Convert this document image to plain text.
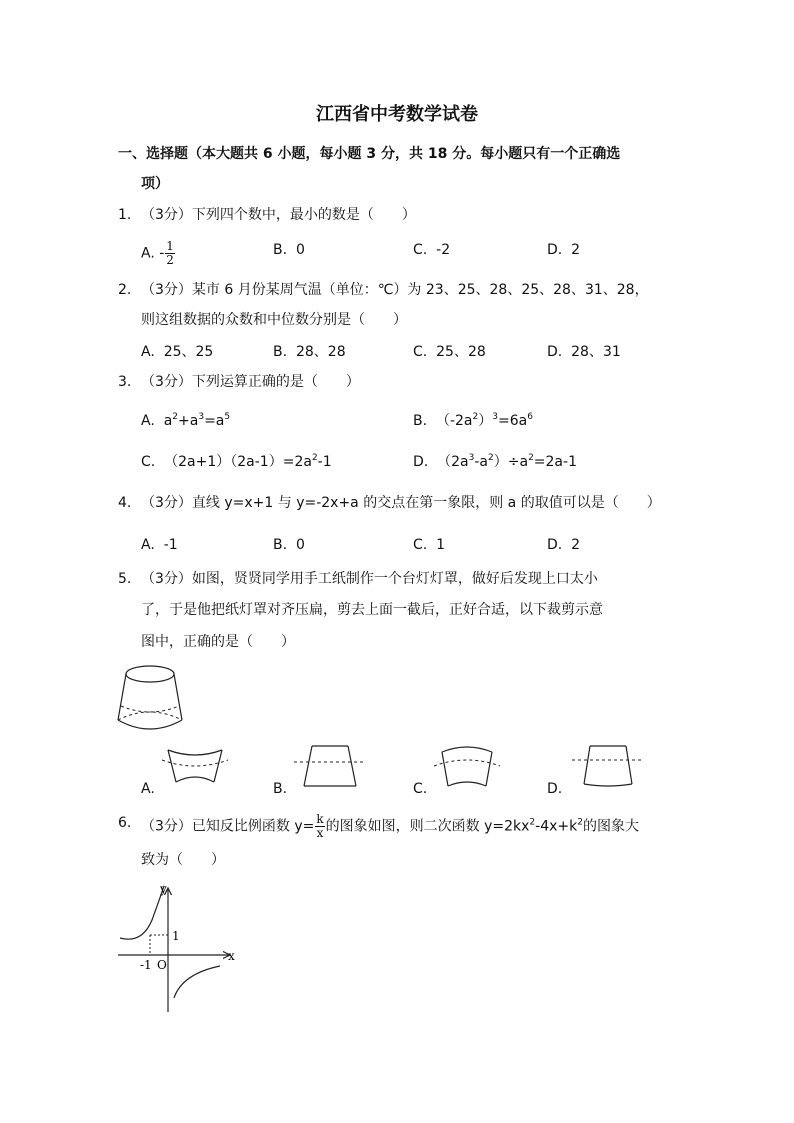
江西省中考数学试卷
一、选择题（本大题共 6 小题，每小题 3 分，共 18 分。每小题只有一个正确选
项）
1. （3分）下列四个数中，最小的数是（　　）
A. - $\frac{1}{2}$	B. 0	C. -2	D. 2
2. （3分）某市 6 月份某周气温（单位：℃）为 23、25、28、25、28、31、28，
则这组数据的众数和中位数分别是（　　）
A. 25、25	B. 28、28	C. 25、28	D. 28、31
3. （3分）下列运算正确的是（　　）
A. $a^2+a^3=a^5$	B. $(-2a^2)^3=6a^6$
C. $(2a+1)(2a-1)=2a^2-1$	D. $(2a^3-a^2)\div a^2=2a-1$
4. （3分）直线 y=x+1 与 y=-2x+a 的交点在第一象限，则 a 的取值可以是（　　）
A. -1	B. 0	C. 1	D. 2
5. （3分）如图，贤贤同学用手工纸制作一个台灯灯罩，做好后发现上口太小
了，于是他把纸灯罩对齐压扁，剪去上面一截后，正好合适，以下裁剪示意
图中，正确的是（　　）
A.	B.	C.	D.
6. （3分）已知反比例函数 $y= \frac{k}{x}$ 的图象如图，则二次函数 $y=2kx^2-4x+k^2$的图象大
致为（　　）
y
x
O
-1
1
